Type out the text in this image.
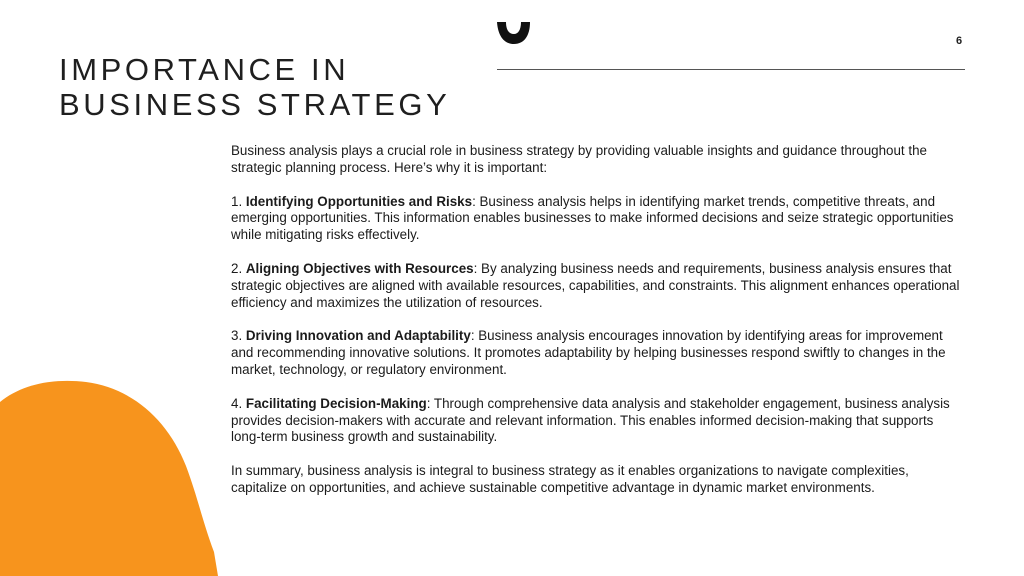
6
IMPORTANCE IN
BUSINESS STRATEGY

Business analysis plays a crucial role in business strategy by providing valuable insights and guidance throughout the strategic planning process. Here’s why it is important:

1. Identifying Opportunities and Risks: Business analysis helps in identifying market trends, competitive threats, and emerging opportunities. This information enables businesses to make informed decisions and seize strategic opportunities while mitigating risks effectively.

2. Aligning Objectives with Resources: By analyzing business needs and requirements, business analysis ensures that strategic objectives are aligned with available resources, capabilities, and constraints. This alignment enhances operational efficiency and maximizes the utilization of resources.

3. Driving Innovation and Adaptability: Business analysis encourages innovation by identifying areas for improvement and recommending innovative solutions. It promotes adaptability by helping businesses respond swiftly to changes in the market, technology, or regulatory environment.

4. Facilitating Decision-Making: Through comprehensive data analysis and stakeholder engagement, business analysis provides decision-makers with accurate and relevant information. This enables informed decision-making that supports long-term business growth and sustainability.

In summary, business analysis is integral to business strategy as it enables organizations to navigate complexities, capitalize on opportunities, and achieve sustainable competitive advantage in dynamic market environments.
